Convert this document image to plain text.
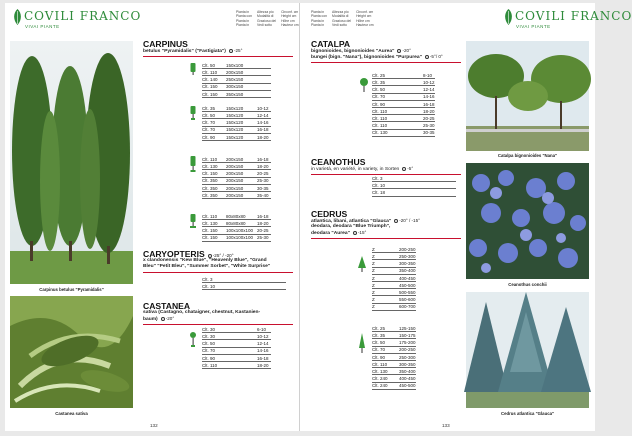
COVILI FRANCO
VIVAI PIANTE
Pianta in
Pianta con
Pianta in
Pianta in
Altezza pio
Modalità di
Grazioso del
Vedi sotto
Circonf. cm
Height cm
Höhe cm
Hauteur cm
Carpinus betulus "Pyramidalis"
Castanea sativa
CARPINUS
betulus "Pyramidalis" ("Fastigiata") -25°
Clt. 50	150x100
Clt. 110	200x150
Clt. 140	250x150
Clt. 150	300x150
Clt. 150	350x150
Clt. 35	150x120	10-12
Clt. 50	150x120	12-14
Clt. 70	150x120	14-16
Clt. 70	150x120	16-18
Clt. 90	150x120	18-20
Clt. 110	200x150	16-18
Clt. 130	200x150	18-20
Clt. 150	200x150	20-25
Clt. 350	200x150	25-30
Clt. 350	200x150	30-35
Clt. 350	200x150	35-40
Clt. 110	80x80x80	16-18
Clt. 130	80x80x80	18-20
Clt. 150	100x100x100 20-25
Clt. 150	100x100x100 25-30
CARYOPTERIS -25° / -20°
x clandonensis "Kew Blue", "Heavenly Blue", "Grand
Bleu" "Petit Bleu", "Summer Sorbet", "White Surprise"
Clt. 3
Clt. 10
CASTANEA
sativa (Castagno, chataigner, chestnut, Kastanien-
baum) -20°
Clt. 30	6-10
Clt. 30	10-12
Clt. 50	12-14
Clt. 70	14-16
Clt. 90	16-18
Clt. 110	18-20
132
Pianta in
Pianta con
Pianta in
Pianta in
Altezza pio
Modalità di
Grazioso del
Vedi sotto
Circonf. cm
Height cm
Höhe cm
Hauteur cm
COVILI FRANCO
VIVAI PIANTE
Catalpa bignonioides "Nana"
Ceanothus conchii
Cedrus atlantica "Glauca"
CATALPA
bignonioides, bignonioides "Aurea" -20°
bungei (bign. "Nana"), bignonioides "Purpurea" -5°/ 0°
Clt. 25	8-10
Clt. 35	10-12
Clt. 50	12-14
Clt. 70	14-16
Clt. 90	16-18
Clt. 110	18-20
Clt. 110	20-25
Clt. 110	25-30
Clt. 130	30-35
CEANOTHUS
in varietà, en variété, in variety, in Sorten -5°
Clt. 3
Clt. 10
Clt. 18
CEDRUS
atlantica, libani, atlantica "Glauca" -20° / -15°
deodara, deodara "Blue Triumph",
deodara "Aurea" -15°
Z	200-250
Z	250-300
Z	300-350
Z	350-400
Z	400-450
Z	450-500
Z	500-550
Z	550-600
Z	600-700
Clt. 25	125-150
Clt. 35	150-175
Clt. 50	175-200
Clt. 70	200-250
Clt. 90	250-300
Clt. 110	300-350
Clt. 130	350-400
Clt. 240	400-450
Clt. 240	450-500
133
